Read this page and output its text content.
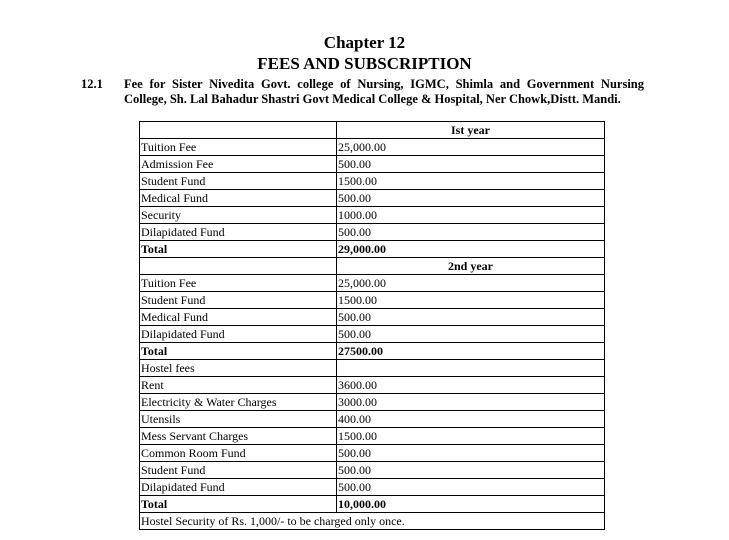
Chapter 12
FEES AND SUBSCRIPTION
12.1 Fee for Sister Nivedita Govt. college of Nursing, IGMC, Shimla and Government Nursing College, Sh. Lal Bahadur Shastri Govt Medical College & Hospital, Ner Chowk,Distt. Mandi.
	Ist year
Tuition Fee	25,000.00
Admission Fee	500.00
Student Fund	1500.00
Medical Fund	500.00
Security	1000.00
Dilapidated Fund	500.00
Total	29,000.00
	2nd year
Tuition Fee	25,000.00
Student Fund	1500.00
Medical Fund	500.00
Dilapidated Fund	500.00
Total	27500.00
Hostel fees	
Rent	3600.00
Electricity & Water Charges	3000.00
Utensils	400.00
Mess Servant Charges	1500.00
Common Room Fund	500.00
Student Fund	500.00
Dilapidated Fund	500.00
Total	10,000.00
Hostel Security of Rs. 1,000/- to be charged only once.	
